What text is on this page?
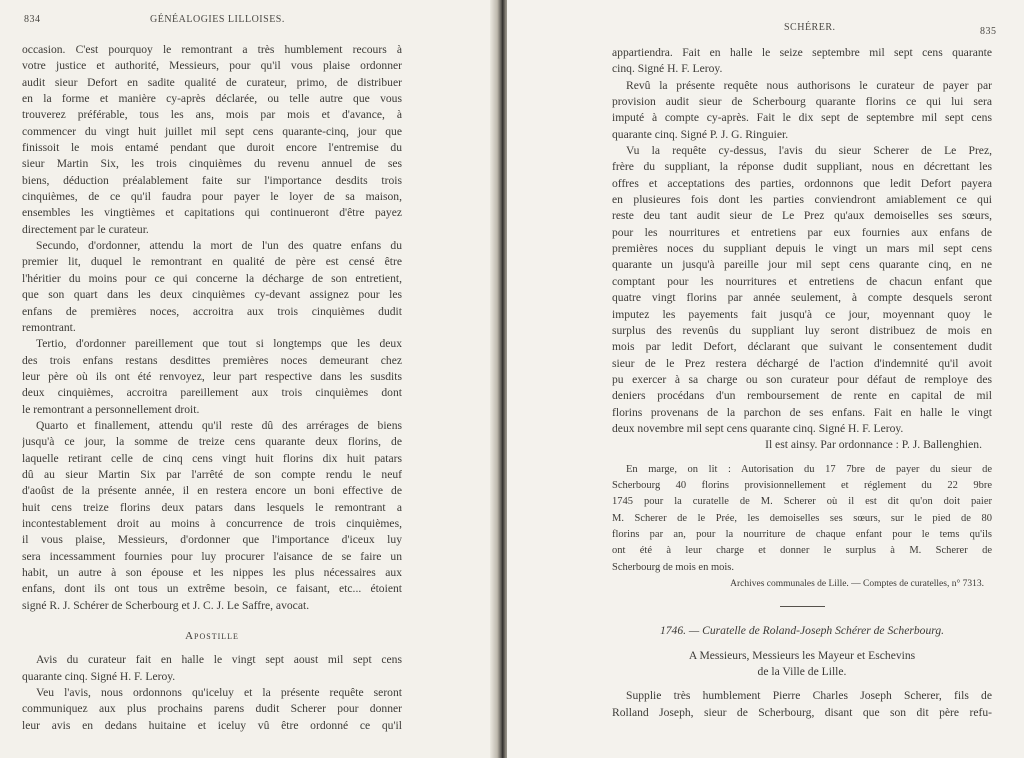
834	GÉNÉALOGIES LILLOISES.
occasion. C'est pourquoy le remontrant a très humblement recours à
votre justice et authorité, Messieurs, pour qu'il vous plaise ordonner
audit sieur Defort en sadite qualité de curateur, primo, de distribuer
en la forme et manière cy-après déclarée, ou telle autre que vous
trouverez préférable, tous les ans, mois par mois et d'avance, à
commencer du vingt huit juillet mil sept cens quarante-cinq, jour que
finissoit le mois entamé pendant que duroit encore l'entremise du
sieur Martin Six, les trois cinquièmes du revenu annuel de ses
biens, déduction préalablement faite sur l'importance desdits trois
cinquièmes, de ce qu'il faudra pour payer le loyer de sa maison,
ensembles les vingtièmes et capitations qui continueront d'être payez
directement par le curateur.
Secundo, d'ordonner, attendu la mort de l'un des quatre enfans du
premier lit, duquel le remontrant en qualité de père est censé être
l'héritier du moins pour ce qui concerne la décharge de son entretient,
que son quart dans les deux cinquièmes cy-devant assignez pour les
enfans de premières noces, accroitra aux trois cinquièmes dudit
remontrant.
Tertio, d'ordonner pareillement que tout si longtemps que les deux
des trois enfans restans desdittes premières noces demeurant chez
leur père où ils ont été renvoyez, leur part respective dans les susdits
deux cinquièmes, accroitra pareillement aux trois cinquièmes dont
le remontrant a personnellement droit.
Quarto et finallement, attendu qu'il reste dû des arrérages de biens
jusqu'à ce jour, la somme de treize cens quarante deux florins, de
laquelle retirant celle de cinq cens vingt huit florins dix huit patars
dû au sieur Martin Six par l'arrêté de son compte rendu le neuf
d'aoûst de la présente année, il en restera encore un boni effective de
huit cens treize florins deux patars dans lesquels le remontrant a
incontestablement droit au moins à concurrence de trois cinquièmes,
il vous plaise, Messieurs, d'ordonner que l'importance d'iceux luy
sera incessamment fournies pour luy procurer l'aisance de se faire un
habit, un autre à son épouse et les nippes les plus nécessaires aux
enfans, dont ils ont tous un extrême besoin, ce faisant, etc... étoient
signé R. J. Schérer de Scherbourg et J. C. J. Le Saffre, avocat.
Apostille
Avis du curateur fait en halle le vingt sept aoust mil sept cens
quarante cinq. Signé H. F. Leroy.
Veu l'avis, nous ordonnons qu'iceluy et la présente requête seront
communiquez aux plus prochains parens dudit Scherer pour donner
leur avis en dedans huitaine et iceluy vû être ordonné ce qu'il
SCHÉRER.	835
appartiendra. Fait en halle le seize septembre mil sept cens quarante
cinq. Signé H. F. Leroy.
Revû la présente requête nous authorisons le curateur de payer par
provision audit sieur de Scherbourg quarante florins ce qui lui sera
imputé à compte cy-après. Fait le dix sept de septembre mil sept cens
quarante cinq. Signé P. J. G. Ringuier.
Vu la requête cy-dessus, l'avis du sieur Scherer de Le Prez,
frère du suppliant, la réponse dudit suppliant, nous en décrettant les
offres et acceptations des parties, ordonnons que ledit Defort payera
en plusieures fois dont les parties conviendront amiablement ce qui
reste deu tant audit sieur de Le Prez qu'aux demoiselles ses sœurs,
pour les nourritures et entretiens par eux fournies aux enfans de
premières noces du suppliant depuis le vingt un mars mil sept cens
quarante un jusqu'à pareille jour mil sept cens quarante cinq, en ne
comptant pour les nourritures et entretiens de chacun enfant que
quatre vingt florins par année seulement, à compte desquels seront
imputez les payements fait jusqu'à ce jour, moyennant quoy le
surplus des revenûs du suppliant luy seront distribuez de mois en
mois par ledit Defort, déclarant que suivant le consentement dudit
sieur de le Prez restera déchargé de l'action d'indemnité qu'il avoit
pu exercer à sa charge ou son curateur pour défaut de remploye des
deniers procédans d'un remboursement de rente en capital de mil
florins provenans de la parchon de ses enfans. Fait en halle le vingt
deux novembre mil sept cens quarante cinq. Signé H. F. Leroy.
Il est ainsy. Par ordonnance : P. J. Ballenghien.
En marge, on lit : Autorisation du 17 7bre de payer du sieur de
Scherbourg 40 florins provisionnellement et réglement du 22 9bre
1745 pour la curatelle de M. Scherer où il est dit qu'on doit paier
M. Scherer de le Prée, les demoiselles ses sœurs, sur le pied de 80
florins par an, pour la nourriture de chaque enfant pour le tems qu'ils
ont été à leur charge et donner le surplus à M. Scherer de
Scherbourg de mois en mois.
Archives communales de Lille. — Comptes de curatelles, n° 7313.
1746. — Curatelle de Roland-Joseph Schérer de Scherbourg.
A Messieurs, Messieurs les Mayeur et Eschevins
de la Ville de Lille.
Supplie très humblement Pierre Charles Joseph Scherer, fils de
Rolland Joseph, sieur de Scherbourg, disant que son dit père refu-
